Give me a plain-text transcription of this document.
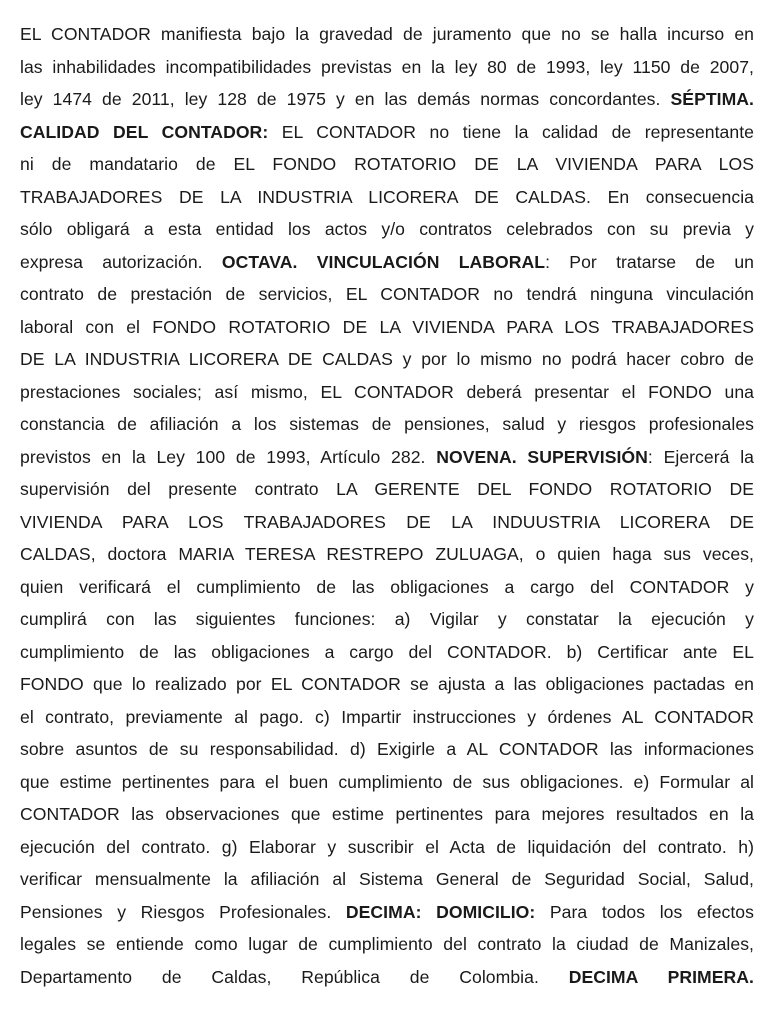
EL CONTADOR manifiesta bajo la gravedad de juramento que no se halla incurso en
las inhabilidades incompatibilidades previstas en la ley 80 de 1993, ley 1150 de 2007,
ley 1474 de 2011, ley 128 de 1975 y en las demás normas concordantes. SÉPTIMA.
CALIDAD DEL CONTADOR: EL CONTADOR no tiene la calidad de representante
ni de mandatario de EL FONDO ROTATORIO DE LA VIVIENDA PARA LOS
TRABAJADORES DE LA INDUSTRIA LICORERA DE CALDAS. En consecuencia
sólo obligará a esta entidad los actos y/o contratos celebrados con su previa y
expresa autorización. OCTAVA. VINCULACIÓN LABORAL: Por tratarse de un
contrato de prestación de servicios, EL CONTADOR no tendrá ninguna vinculación
laboral con el FONDO ROTATORIO DE LA VIVIENDA PARA LOS TRABAJADORES
DE LA INDUSTRIA LICORERA DE CALDAS y por lo mismo no podrá hacer cobro de
prestaciones sociales; así mismo, EL CONTADOR deberá presentar el FONDO una
constancia de afiliación a los sistemas de pensiones, salud y riesgos profesionales
previstos en la Ley 100 de 1993, Artículo 282. NOVENA. SUPERVISIÓN: Ejercerá la
supervisión del presente contrato LA GERENTE DEL FONDO ROTATORIO DE
VIVIENDA PARA LOS TRABAJADORES DE LA INDUUSTRIA LICORERA DE
CALDAS, doctora MARIA TERESA RESTREPO ZULUAGA, o quien haga sus veces,
quien verificará el cumplimiento de las obligaciones a cargo del CONTADOR y
cumplirá con las siguientes funciones: a) Vigilar y constatar la ejecución y
cumplimiento de las obligaciones a cargo del CONTADOR. b) Certificar ante EL
FONDO que lo realizado por EL CONTADOR se ajusta a las obligaciones pactadas en
el contrato, previamente al pago. c) Impartir instrucciones y órdenes AL CONTADOR
sobre asuntos de su responsabilidad. d) Exigirle a AL CONTADOR las informaciones
que estime pertinentes para el buen cumplimiento de sus obligaciones. e) Formular al
CONTADOR las observaciones que estime pertinentes para mejores resultados en la
ejecución del contrato. g) Elaborar y suscribir el Acta de liquidación del contrato. h)
verificar mensualmente la afiliación al Sistema General de Seguridad Social, Salud,
Pensiones y Riesgos Profesionales. DECIMA: DOMICILIO: Para todos los efectos
legales se entiende como lugar de cumplimiento del contrato la ciudad de Manizales,
Departamento de Caldas, República de Colombia. DECIMA PRIMERA.
